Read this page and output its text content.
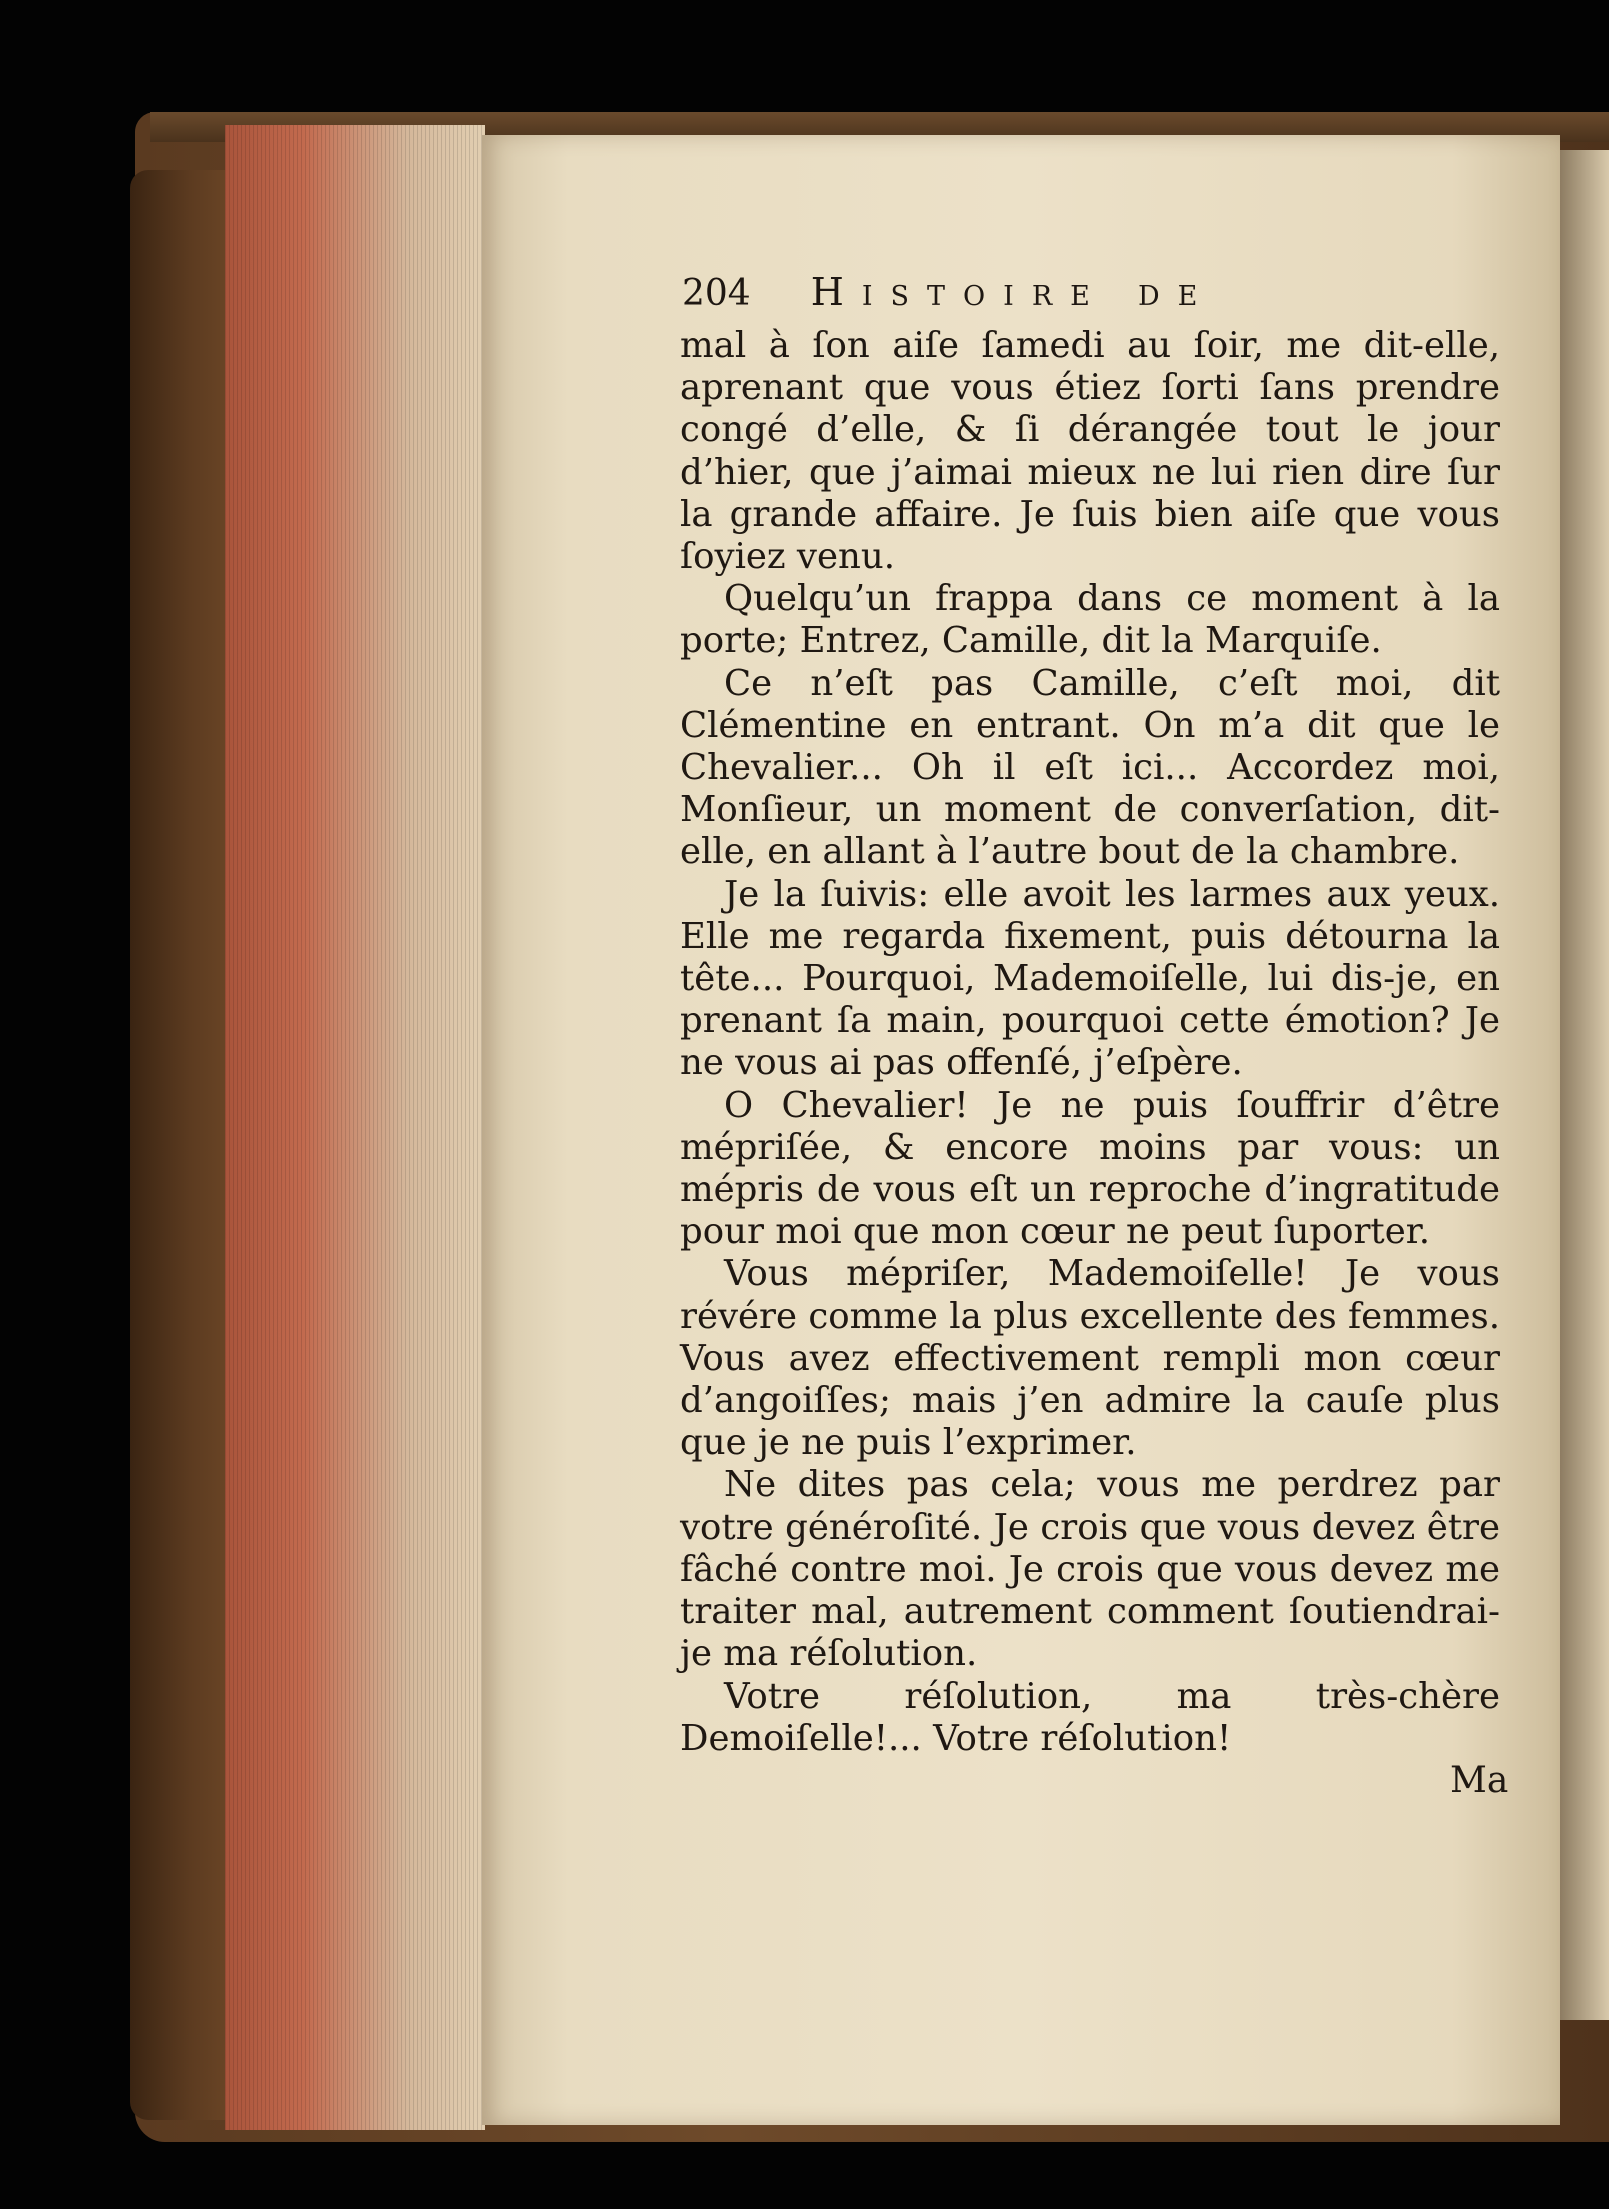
204 Histoire de

mal à ſon aiſe ſamedi au ſoir, me dit-elle, aprenant que vous étiez ſorti ſans prendre congé d’elle, & ſi dérangée tout le jour d’hier, que j’aimai mieux ne lui rien dire ſur la grande affaire. Je ſuis bien aiſe que vous ſoyiez venu.

Quelqu’un frappa dans ce moment à la porte; Entrez, Camille, dit la Marquiſe.

Ce n’eſt pas Camille, c’eſt moi, dit Clémentine en entrant. On m’a dit que le Chevalier... Oh il eſt ici... Accordez moi, Monſieur, un moment de converſation, dit-elle, en allant à l’autre bout de la chambre.

Je la ſuivis: elle avoit les larmes aux yeux. Elle me regarda fixement, puis détourna la tête... Pourquoi, Mademoiſelle, lui dis-je, en prenant ſa main, pourquoi cette émotion? Je ne vous ai pas offenſé, j’eſpère.

O Chevalier! Je ne puis ſouffrir d’être mépriſée, & encore moins par vous: un mépris de vous eſt un reproche d’ingratitude pour moi que mon cœur ne peut ſuporter.

Vous mépriſer, Mademoiſelle! Je vous révére comme la plus excellente des femmes. Vous avez effectivement rempli mon cœur d’angoiſſes; mais j’en admire la cauſe plus que je ne puis l’exprimer.

Ne dites pas cela; vous me perdrez par votre généroſité. Je crois que vous devez être fâché contre moi. Je crois que vous devez me traiter mal, autrement comment ſoutiendrai-je ma réſolution.

Votre réſolution, ma très-chère Demoiſelle!... Votre réſolution!

Ma
